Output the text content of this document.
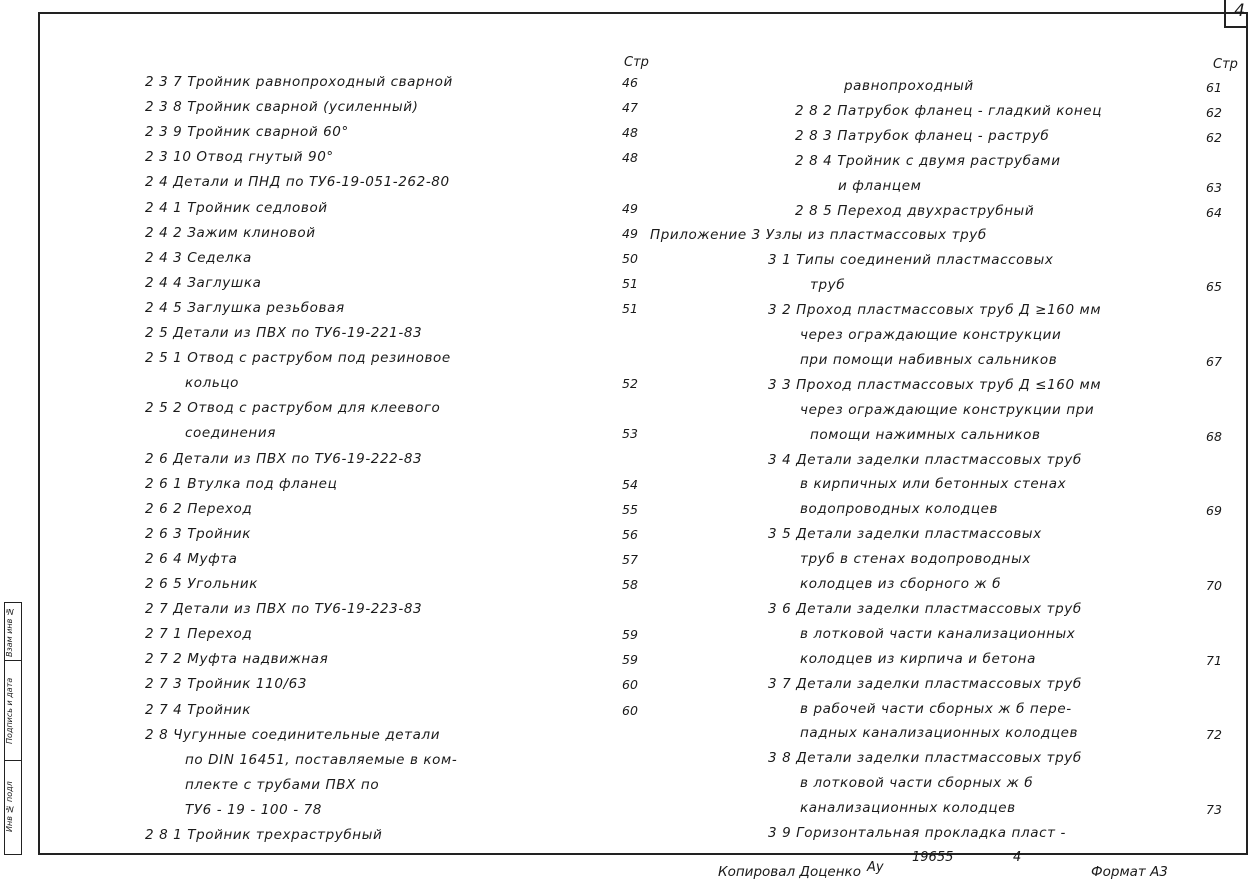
4
Взам инв №
Подпись и дата
Инв № подл
Стр	Стр
2 3 7 Тройник равнопроходный сварной	46
2 3 8 Тройник сварной (усиленный)	47
2 3 9 Тройник сварной 60°	48
2 3 10 Отвод гнутый 90°	48
2 4 Детали и ПНД по ТУ6-19-051-262-80
2 4 1 Тройник седловой	49
2 4 2 Зажим клиновой	49
2 4 3 Седелка	50
2 4 4 Заглушка	51
2 4 5 Заглушка резьбовая	51
2 5 Детали из ПВХ по ТУ6-19-221-83
2 5 1 Отвод с раструбом под резиновое
кольцо	52
2 5 2 Отвод с раструбом для клеевого
соединения	53
2 6 Детали из ПВХ по ТУ6-19-222-83
2 6 1 Втулка под фланец	54
2 6 2 Переход	55
2 6 3 Тройник	56
2 6 4 Муфта	57
2 6 5 Угольник	58
2 7 Детали из ПВХ по ТУ6-19-223-83
2 7 1 Переход	59
2 7 2 Муфта надвижная	59
2 7 3 Тройник 110/63	60
2 7 4 Тройник	60
2 8 Чугунные соединительные детали
по DIN 16451, поставляемые в ком-
плекте с трубами ПВХ по
ТУ6 - 19 - 100 - 78
2 8 1 Тройник трехраструбный
равнопроходный	61
2 8 2 Патрубок фланец - гладкий конец	62
2 8 3 Патрубок фланец - раструб	62
2 8 4 Тройник с двумя раструбами
и фланцем	63
2 8 5 Переход двухраструбный	64
Приложение 3 Узлы из пластмассовых труб
3 1 Типы соединений пластмассовых
труб	65
3 2 Проход пластмассовых труб Д ≥160 мм
через ограждающие конструкции
при помощи набивных сальников	67
3 3 Проход пластмассовых труб Д ≤160 мм
через ограждающие конструкции при
помощи нажимных сальников	68
3 4 Детали заделки пластмассовых труб
в кирпичных или бетонных стенах
водопроводных колодцев	69
3 5 Детали заделки пластмассовых
труб в стенах водопроводных
колодцев из сборного ж б	70
3 6 Детали заделки пластмассовых труб
в лотковой части канализационных
колодцев из кирпича и бетона	71
3 7 Детали заделки пластмассовых труб
в рабочей части сборных ж б пере-
падных канализационных колодцев	72
3 8 Детали заделки пластмассовых труб
в лотковой части сборных ж б
канализационных колодцев	73
3 9 Горизонтальная прокладка пласт -
Копировал Доценко Ау
19655	4
Формат А3
